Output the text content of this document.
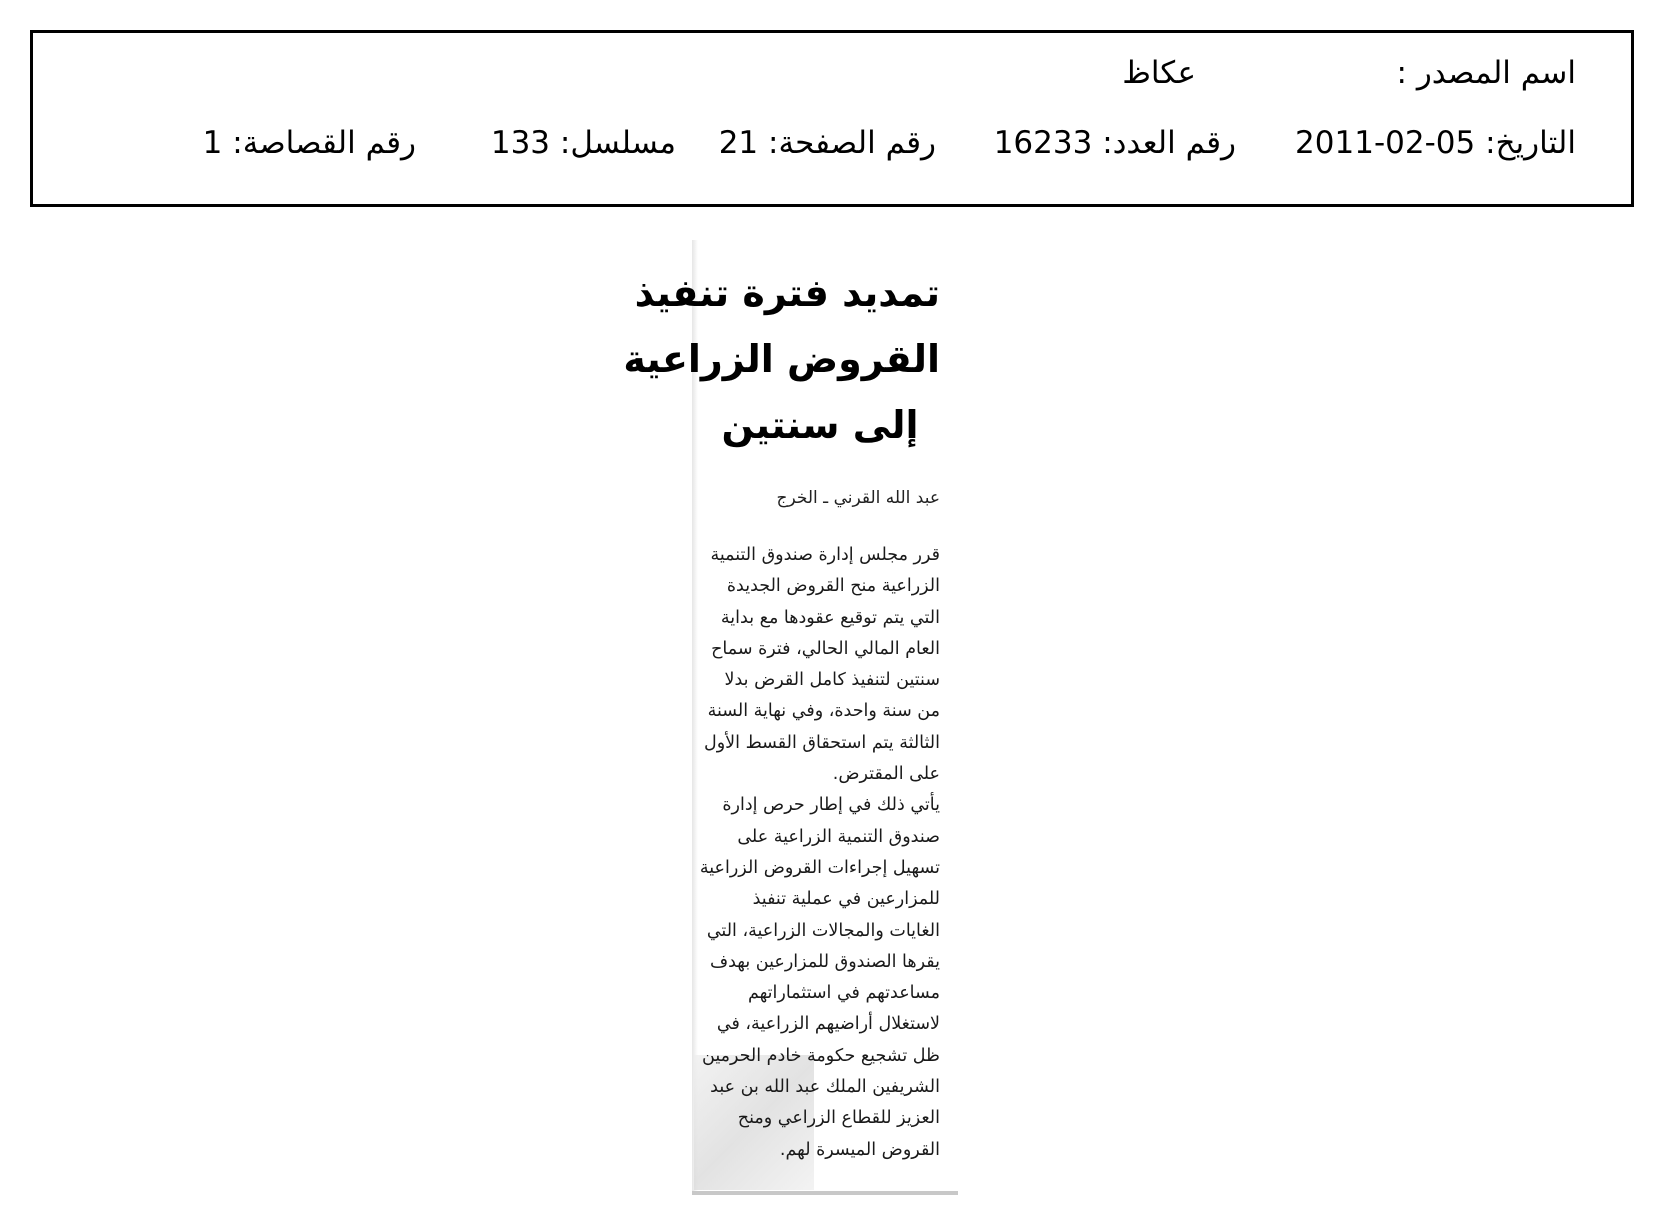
اسم المصدر :
عكاظ
التاريخ: 2011-02-05
رقم العدد: 16233
رقم الصفحة: 21
مسلسل: 133
رقم القصاصة: 1
تمديد فترة تنفيذ
القروض الزراعية
إلى سنتين
عبد الله القرني ـ الخرج
قرر مجلس إدارة صندوق التنمية
الزراعية منح القروض الجديدة
التي يتم توقيع عقودها مع بداية
العام المالي الحالي، فترة سماح
سنتين لتنفيذ كامل القرض بدلا
من سنة واحدة، وفي نهاية السنة
الثالثة يتم استحقاق القسط الأول
على المقترض.
يأتي ذلك في إطار حرص إدارة
صندوق التنمية الزراعية على
تسهيل إجراءات القروض الزراعية
للمزارعين في عملية تنفيذ
الغايات والمجالات الزراعية، التي
يقرها الصندوق للمزارعين بهدف
مساعدتهم في استثماراتهم
لاستغلال أراضيهم الزراعية، في
ظل تشجيع حكومة خادم الحرمين
الشريفين الملك عبد الله بن عبد
العزيز للقطاع الزراعي ومنح
القروض الميسرة لهم.
